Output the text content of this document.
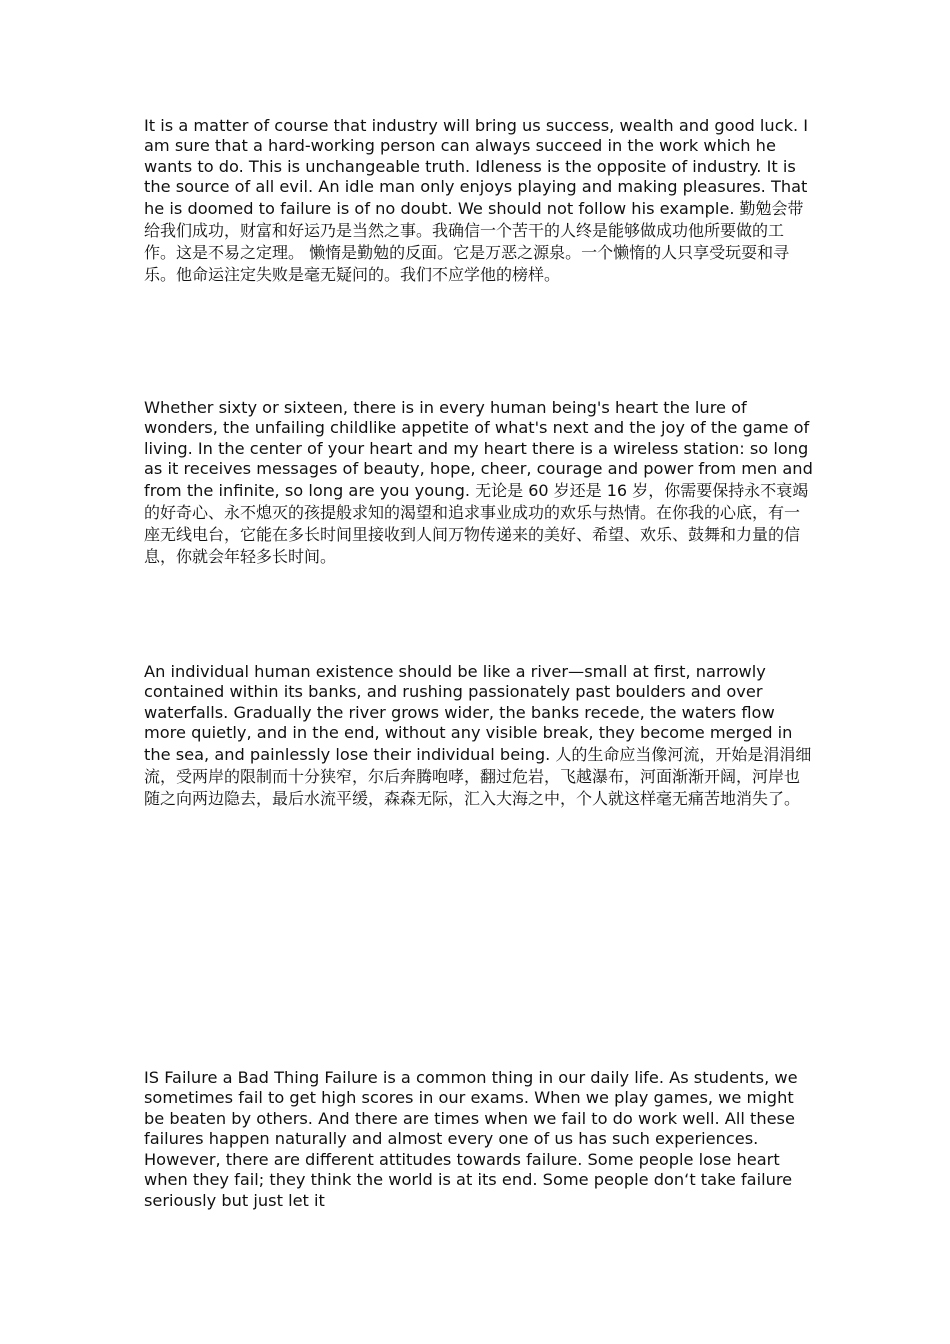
It is a matter of course that industry will bring us success, wealth and good luck. I am sure that a hard-working person can always succeed in the work which he wants to do. This is unchangeable truth. Idleness is the opposite of industry. It is the source of all evil. An idle man only enjoys playing and making pleasures. That he is doomed to failure is of no doubt. We should not follow his example. 勤勉会带给我们成功，财富和好运乃是当然之事。我确信一个苦干的人终是能够做成功他所要做的工作。这是不易之定理。 懒惰是勤勉的反面。它是万恶之源泉。一个懒惰的人只享受玩耍和寻乐。他命运注定失败是毫无疑问的。我们不应学他的榜样。

Whether sixty or sixteen, there is in every human being's heart the lure of wonders, the unfailing childlike appetite of what's next and the joy of the game of living. In the center of your heart and my heart there is a wireless station: so long as it receives messages of beauty, hope, cheer, courage and power from men and from the infinite, so long are you young. 无论是 60 岁还是 16 岁，你需要保持永不衰竭的好奇心、永不熄灭的孩提般求知的渴望和追求事业成功的欢乐与热情。在你我的心底，有一座无线电台，它能在多长时间里接收到人间万物传递来的美好、希望、欢乐、鼓舞和力量的信息，你就会年轻多长时间。

An individual human existence should be like a river—small at first, narrowly contained within its banks, and rushing passionately past boulders and over waterfalls. Gradually the river grows wider, the banks recede, the waters flow more quietly, and in the end, without any visible break, they become merged in the sea, and painlessly lose their individual being. 人的生命应当像河流，开始是涓涓细流，受两岸的限制而十分狭窄，尔后奔腾咆哮，翻过危岩，飞越瀑布，河面渐渐开阔，河岸也随之向两边隐去，最后水流平缓，森森无际，汇入大海之中，个人就这样毫无痛苦地消失了。

IS Failure a Bad Thing Failure is a common thing in our daily life. As students, we sometimes fail to get high scores in our exams. When we play games, we might be beaten by others. And there are times when we fail to do work well. All these failures happen naturally and almost every one of us has such experiences. However, there are different attitudes towards failure. Some people lose heart when they fail; they think the world is at its end. Some people don‘t take failure seriously but just let it
